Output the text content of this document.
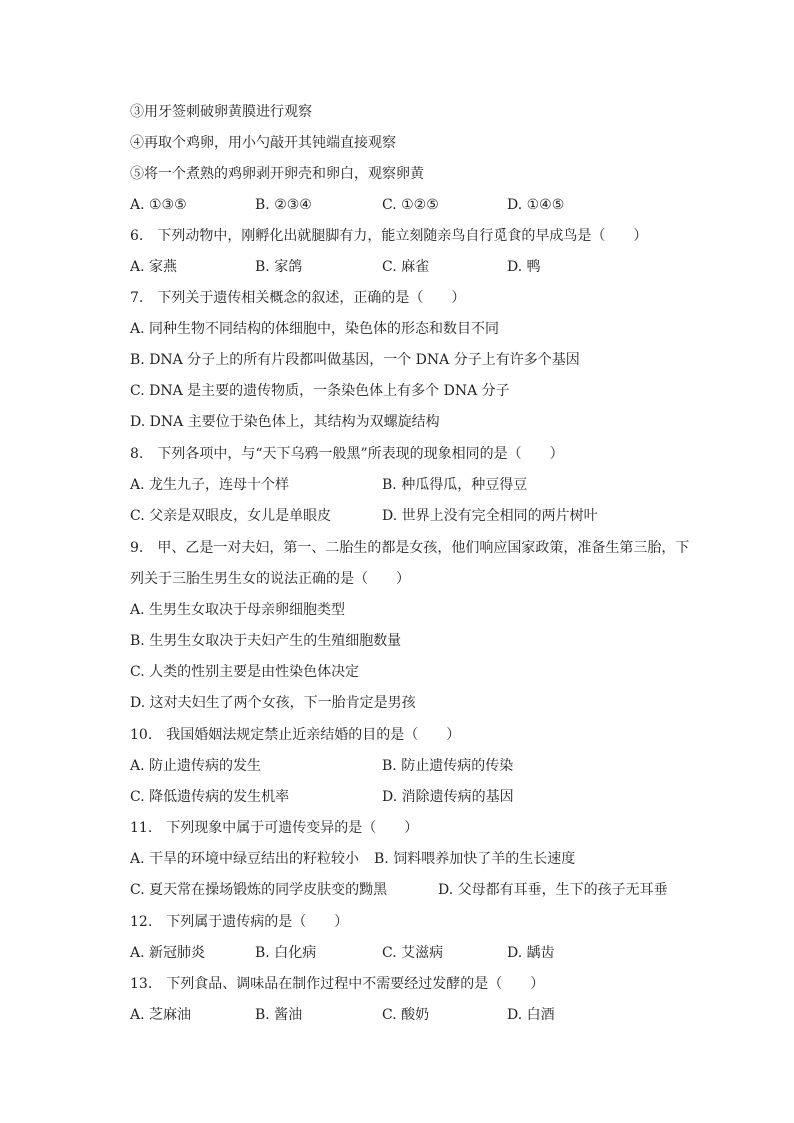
③用牙签刺破卵黄膜进行观察
④再取个鸡卵，用小勺敲开其钝端直接观察
⑤将一个煮熟的鸡卵剥开卵壳和卵白，观察卵黄
A. ①③⑤	B. ②③④	C. ①②⑤	D. ①④⑤
6.　下列动物中，刚孵化出就腿脚有力，能立刻随亲鸟自行觅食的早成鸟是（　　）
A. 家燕	B. 家鸽	C. 麻雀	D. 鸭
7.　下列关于遗传相关概念的叙述，正确的是（　　）
A. 同种生物不同结构的体细胞中，染色体的形态和数目不同
B. DNA 分子上的所有片段都叫做基因，一个 DNA 分子上有许多个基因
C. DNA 是主要的遗传物质，一条染色体上有多个 DNA 分子
D. DNA 主要位于染色体上，其结构为双螺旋结构
8.　下列各项中，与“天下乌鸦一般黑”所表现的现象相同的是（　　）
A. 龙生九子，连母十个样	B. 种瓜得瓜，种豆得豆
C. 父亲是双眼皮，女儿是单眼皮	D. 世界上没有完全相同的两片树叶
9.　甲、乙是一对夫妇，第一、二胎生的都是女孩，他们响应国家政策，准备生第三胎，下
列关于三胎生男生女的说法正确的是（　　）
A. 生男生女取决于母亲卵细胞类型
B. 生男生女取决于夫妇产生的生殖细胞数量
C. 人类的性别主要是由性染色体决定
D. 这对夫妇生了两个女孩，下一胎肯定是男孩
10.　我国婚姻法规定禁止近亲结婚的目的是（　　）
A. 防止遗传病的发生	B. 防止遗传病的传染
C. 降低遗传病的发生机率	D. 消除遗传病的基因
11.　下列现象中属于可遗传变异的是（　　）
A. 干旱的环境中绿豆结出的籽粒较小 B. 饲料喂养加快了羊的生长速度
C. 夏天常在操场锻炼的同学皮肤变的黝黑	D. 父母都有耳垂，生下的孩子无耳垂
12.　下列属于遗传病的是（　　）
A. 新冠肺炎	B. 白化病	C. 艾滋病	D. 龋齿
13.　下列食品、调味品在制作过程中不需要经过发酵的是（　　）
A. 芝麻油	B. 酱油	C. 酸奶	D. 白酒
